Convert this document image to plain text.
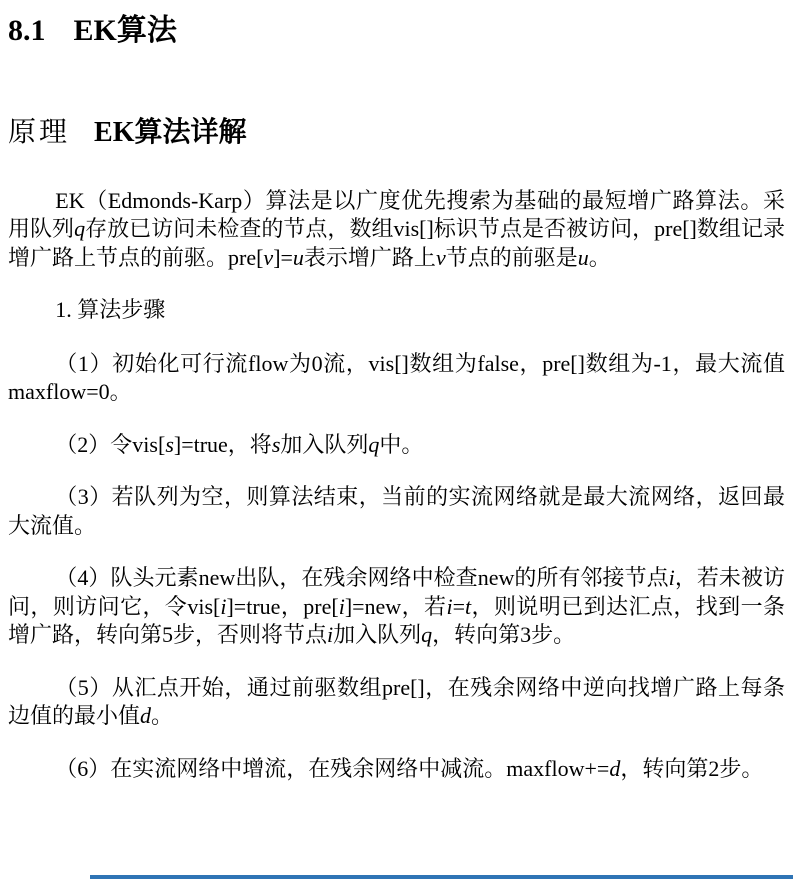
8.1 EK算法
原理 EK算法详解

EK（Edmonds-Karp）算法是以广度优先搜索为基础的最短增广路算法。采用队列q存放已访问未检查的节点，数组vis[]标识节点是否被访问，pre[]数组记录增广路上节点的前驱。pre[v]=u表示增广路上v节点的前驱是u。

1. 算法步骤

（1）初始化可行流flow为0流，vis[]数组为false，pre[]数组为-1，最大流值maxflow=0。

（2）令vis[s]=true，将s加入队列q中。

（3）若队列为空，则算法结束，当前的实流网络就是最大流网络，返回最大流值。

（4）队头元素new出队，在残余网络中检查new的所有邻接节点i，若未被访问，则访问它，令vis[i]=true，pre[i]=new，若i=t，则说明已到达汇点，找到一条增广路，转向第5步，否则将节点i加入队列q，转向第3步。

（5）从汇点开始，通过前驱数组pre[]，在残余网络中逆向找增广路上每条边值的最小值d。

（6）在实流网络中增流，在残余网络中减流。maxflow+=d，转向第2步。
